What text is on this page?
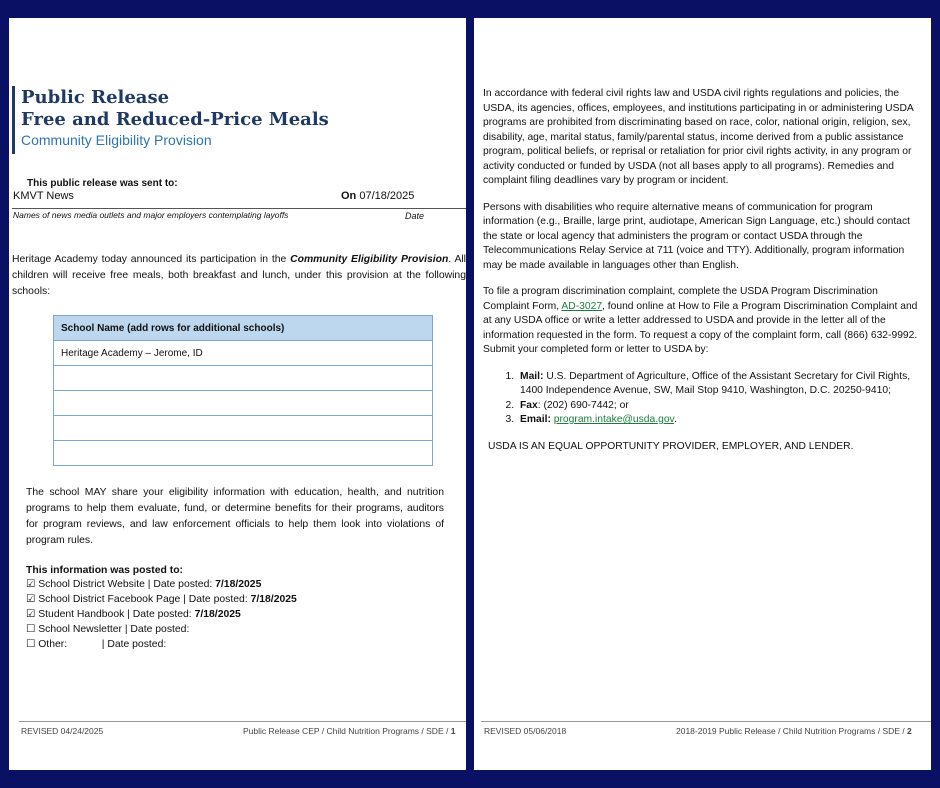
Public Release
Free and Reduced-Price Meals
Community Eligibility Provision
This public release was sent to:
KMVT News	On 07/18/2025
Names of news media outlets and major employers contemplating layoffs	Date
Heritage Academy today announced its participation in the Community Eligibility Provision. All children will receive free meals, both breakfast and lunch, under this provision at the following schools:
School Name (add rows for additional schools)
Heritage Academy – Jerome, ID

The school MAY share your eligibility information with education, health, and nutrition programs to help them evaluate, fund, or determine benefits for their programs, auditors for program reviews, and law enforcement officials to help them look into violations of program rules.
This information was posted to:
☑ School District Website | Date posted: 7/18/2025
☑ School District Facebook Page | Date posted: 7/18/2025
☑ Student Handbook | Date posted: 7/18/2025
☐ School Newsletter | Date posted:
☐ Other:            | Date posted:
REVISED 04/24/2025	Public Release CEP / Child Nutrition Programs / SDE / 1

In accordance with federal civil rights law and USDA civil rights regulations and policies, the USDA, its agencies, offices, employees, and institutions participating in or administering USDA programs are prohibited from discriminating based on race, color, national origin, religion, sex, disability, age, marital status, family/parental status, income derived from a public assistance program, political beliefs, or reprisal or retaliation for prior civil rights activity, in any program or activity conducted or funded by USDA (not all bases apply to all programs). Remedies and complaint filing deadlines vary by program or incident.

Persons with disabilities who require alternative means of communication for program information (e.g., Braille, large print, audiotape, American Sign Language, etc.) should contact the state or local agency that administers the program or contact USDA through the Telecommunications Relay Service at 711 (voice and TTY). Additionally, program information may be made available in languages other than English.

To file a program discrimination complaint, complete the USDA Program Discrimination Complaint Form, AD-3027, found online at How to File a Program Discrimination Complaint and at any USDA office or write a letter addressed to USDA and provide in the letter all of the information requested in the form. To request a copy of the complaint form, call (866) 632-9992. Submit your completed form or letter to USDA by:

1. Mail: U.S. Department of Agriculture, Office of the Assistant Secretary for Civil Rights, 1400 Independence Avenue, SW, Mail Stop 9410, Washington, D.C. 20250-9410;
2. Fax: (202) 690-7442; or
3. Email: program.intake@usda.gov.

USDA IS AN EQUAL OPPORTUNITY PROVIDER, EMPLOYER, AND LENDER.

REVISED 05/06/2018	2018-2019 Public Release / Child Nutrition Programs / SDE / 2
